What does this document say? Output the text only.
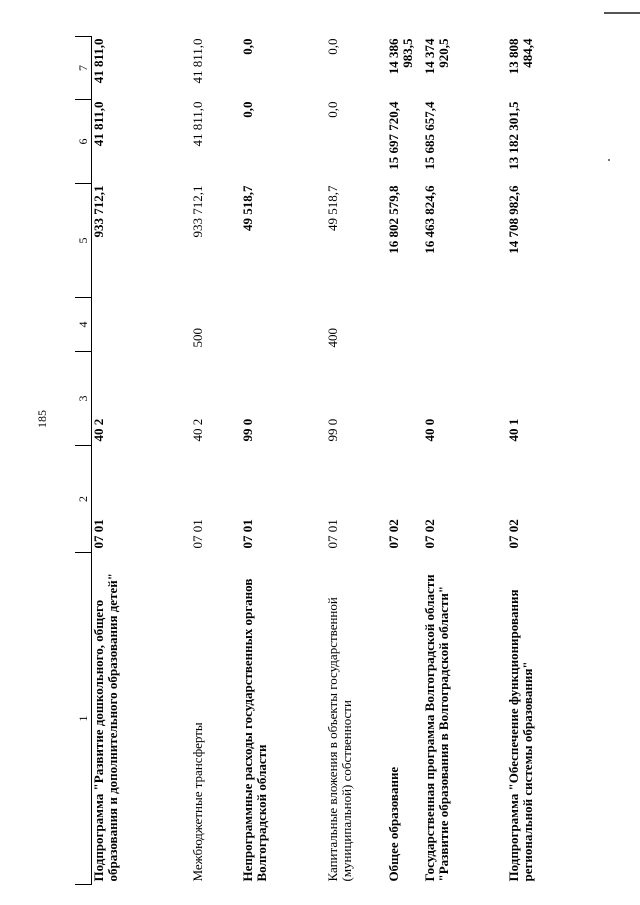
185
1	2	3	4	5	6	7
Подпрограмма "Развитие дошкольного, общего образования и дополнительного образования детей"	07 01	40 2		933 712,1	41 811,0	41 811,0
Межбюджетные трансферты	07 01	40 2	500	933 712,1	41 811,0	41 811,0
Непрограммные расходы государственных органов Волгоградской области	07 01	99 0		49 518,7	0,0	0,0
Капитальные вложения в объекты государственной (муниципальной) собственности	07 01	99 0	400	49 518,7	0,0	0,0
Общее образование	07 02			16 802 579,8	15 697 720,4	14 386 983,5
Государственная программа Волгоградской области "Развитие образования в Волгоградской области"	07 02	40 0		16 463 824,6	15 685 657,4	14 374 920,5
Подпрограмма "Обеспечение функционирования региональной системы образования"	07 02	40 1		14 708 982,6	13 182 301,5	13 808 484,4
